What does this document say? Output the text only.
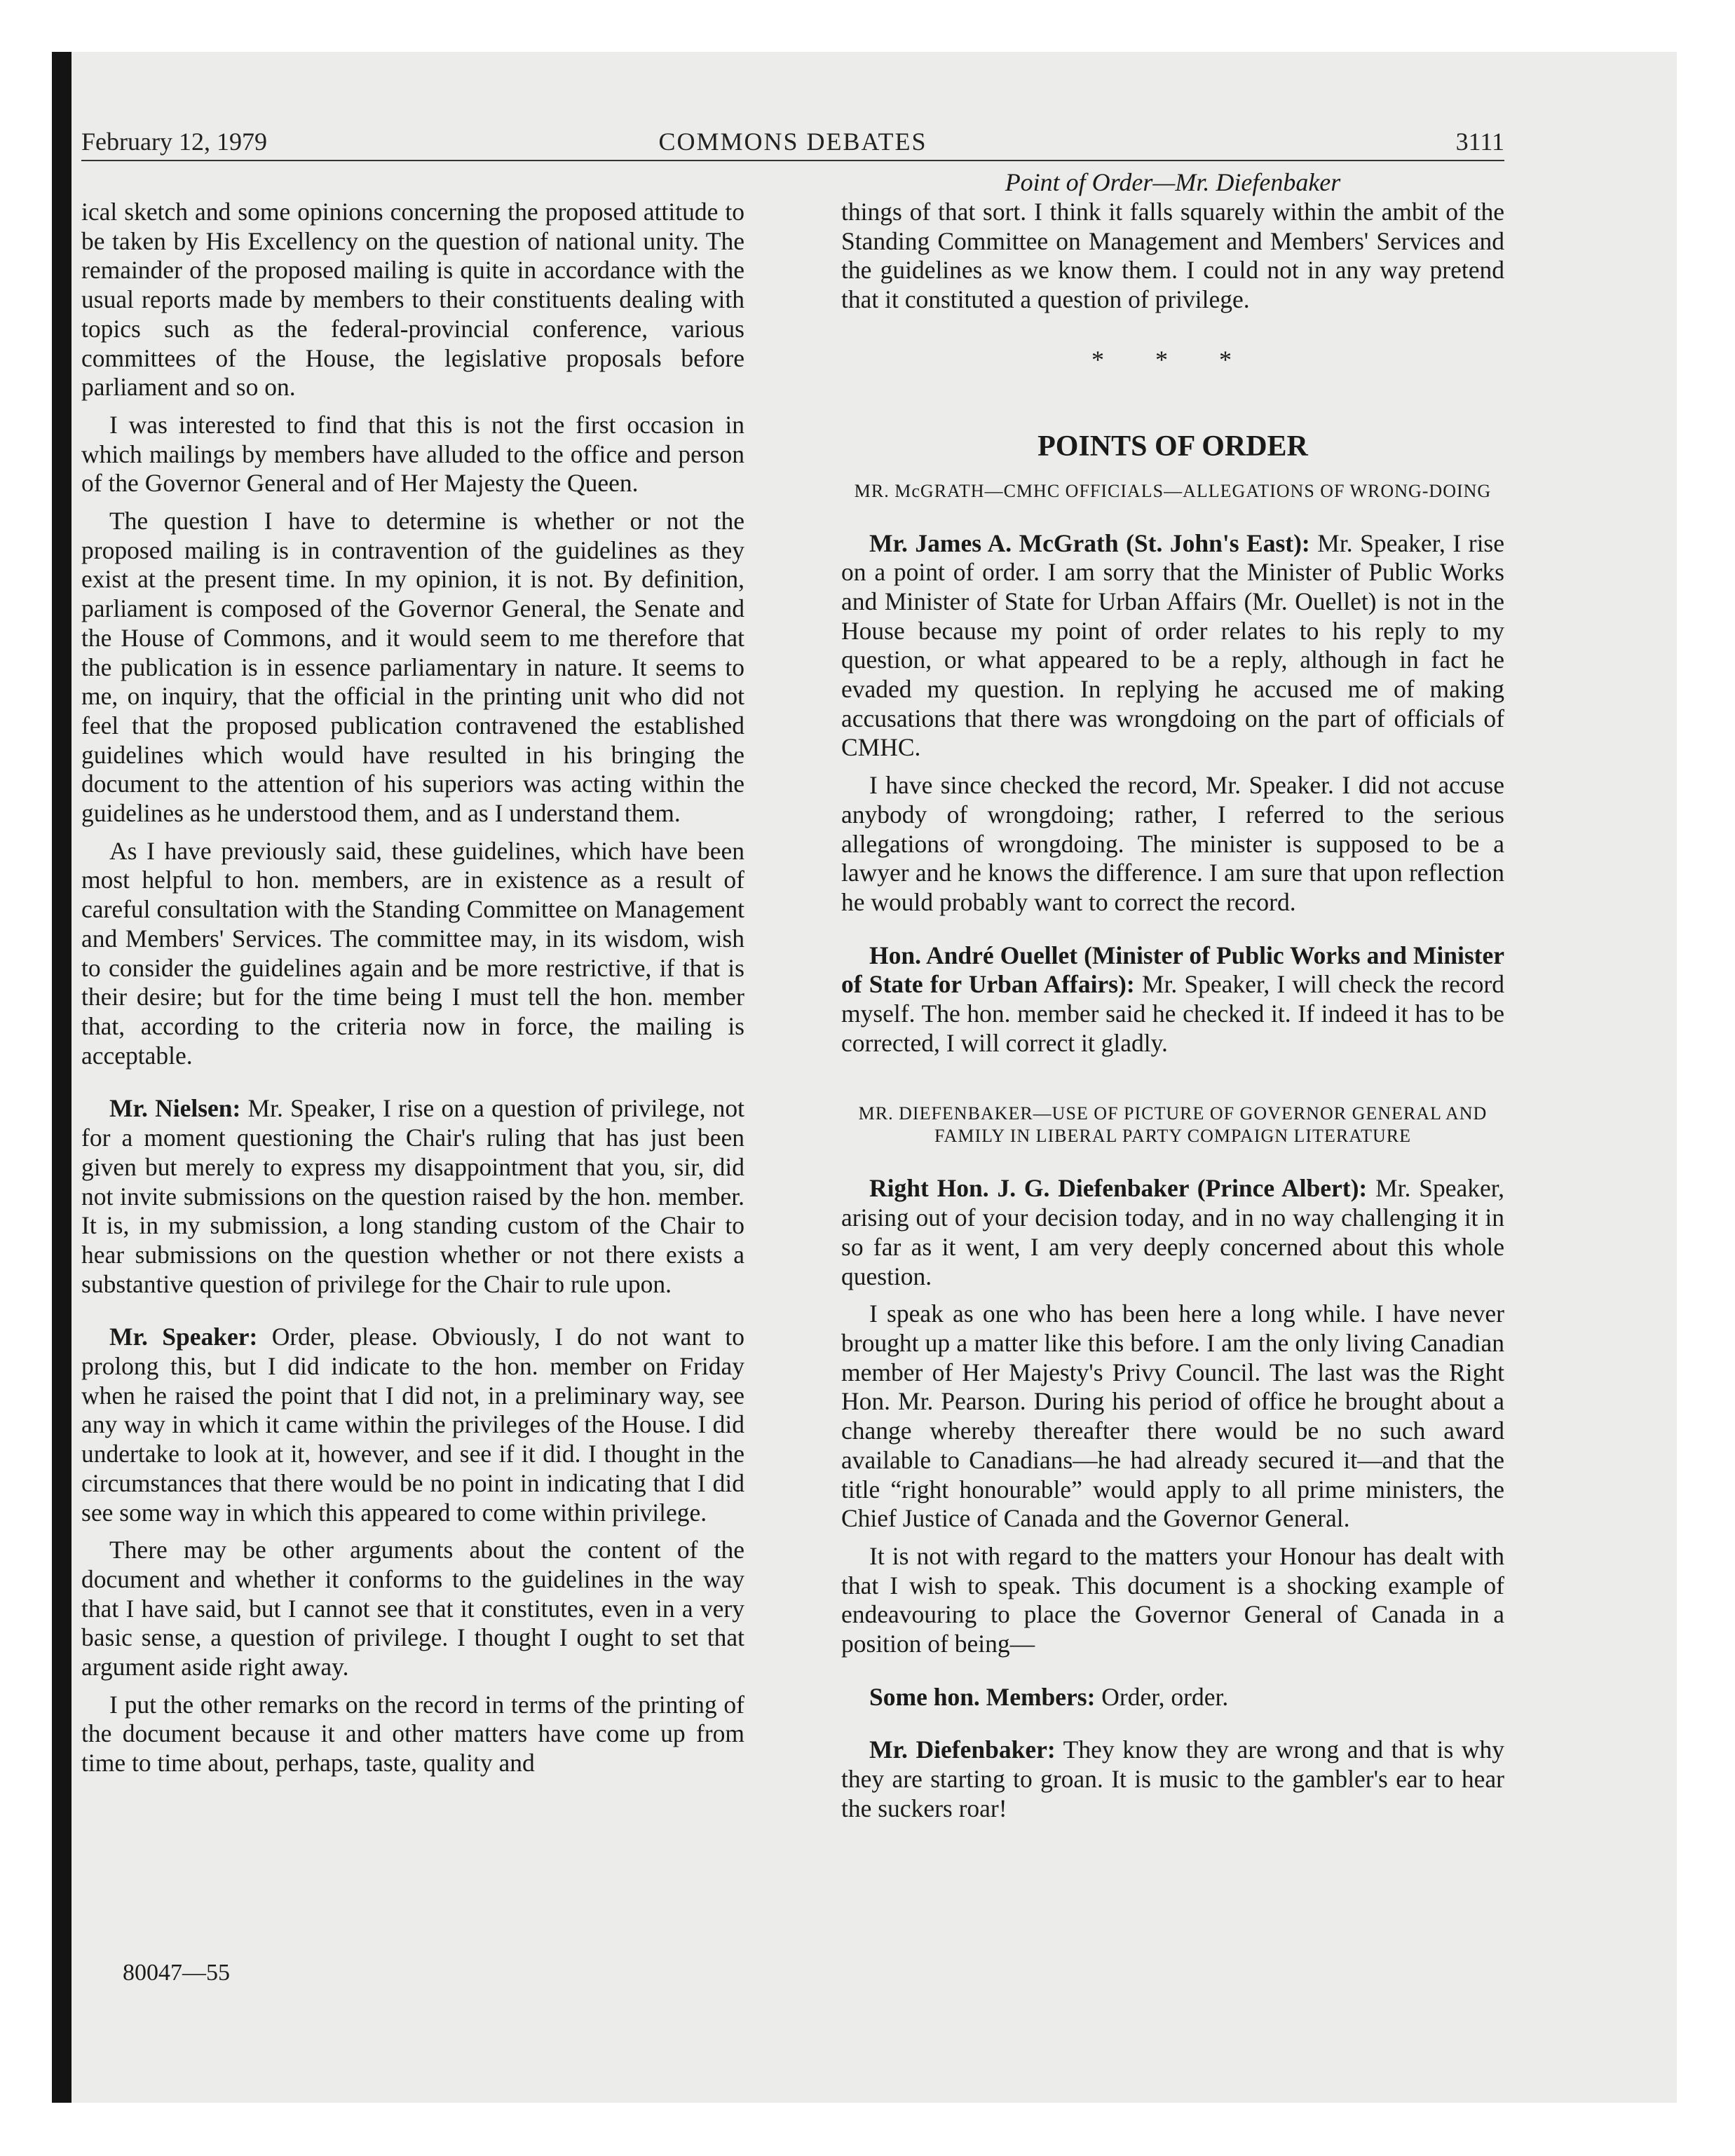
February 12, 1979	COMMONS DEBATES	3111
Point of Order—Mr. Diefenbaker

ical sketch and some opinions concerning the proposed attitude to be taken by His Excellency on the question of national unity. The remainder of the proposed mailing is quite in accordance with the usual reports made by members to their constituents dealing with topics such as the federal-provincial conference, various committees of the House, the legislative proposals before parliament and so on.

I was interested to find that this is not the first occasion in which mailings by members have alluded to the office and person of the Governor General and of Her Majesty the Queen.

The question I have to determine is whether or not the proposed mailing is in contravention of the guidelines as they exist at the present time. In my opinion, it is not. By definition, parliament is composed of the Governor General, the Senate and the House of Commons, and it would seem to me therefore that the publication is in essence parliamentary in nature. It seems to me, on inquiry, that the official in the printing unit who did not feel that the proposed publication contravened the established guidelines which would have resulted in his bringing the document to the attention of his superiors was acting within the guidelines as he understood them, and as I understand them.

As I have previously said, these guidelines, which have been most helpful to hon. members, are in existence as a result of careful consultation with the Standing Committee on Management and Members' Services. The committee may, in its wisdom, wish to consider the guidelines again and be more restrictive, if that is their desire; but for the time being I must tell the hon. member that, according to the criteria now in force, the mailing is acceptable.

Mr. Nielsen: Mr. Speaker, I rise on a question of privilege, not for a moment questioning the Chair's ruling that has just been given but merely to express my disappointment that you, sir, did not invite submissions on the question raised by the hon. member. It is, in my submission, a long standing custom of the Chair to hear submissions on the question whether or not there exists a substantive question of privilege for the Chair to rule upon.

Mr. Speaker: Order, please. Obviously, I do not want to prolong this, but I did indicate to the hon. member on Friday when he raised the point that I did not, in a preliminary way, see any way in which it came within the privileges of the House. I did undertake to look at it, however, and see if it did. I thought in the circumstances that there would be no point in indicating that I did see some way in which this appeared to come within privilege.

There may be other arguments about the content of the document and whether it conforms to the guidelines in the way that I have said, but I cannot see that it constitutes, even in a very basic sense, a question of privilege. I thought I ought to set that argument aside right away.

I put the other remarks on the record in terms of the printing of the document because it and other matters have come up from time to time about, perhaps, taste, quality and

things of that sort. I think it falls squarely within the ambit of the Standing Committee on Management and Members' Services and the guidelines as we know them. I could not in any way pretend that it constituted a question of privilege.

* * *
POINTS OF ORDER
MR. McGRATH—CMHC OFFICIALS—ALLEGATIONS OF WRONG-DOING

Mr. James A. McGrath (St. John's East): Mr. Speaker, I rise on a point of order. I am sorry that the Minister of Public Works and Minister of State for Urban Affairs (Mr. Ouellet) is not in the House because my point of order relates to his reply to my question, or what appeared to be a reply, although in fact he evaded my question. In replying he accused me of making accusations that there was wrongdoing on the part of officials of CMHC.

I have since checked the record, Mr. Speaker. I did not accuse anybody of wrongdoing; rather, I referred to the serious allegations of wrongdoing. The minister is supposed to be a lawyer and he knows the difference. I am sure that upon reflection he would probably want to correct the record.

Hon. André Ouellet (Minister of Public Works and Minister of State for Urban Affairs): Mr. Speaker, I will check the record myself. The hon. member said he checked it. If indeed it has to be corrected, I will correct it gladly.

MR. DIEFENBAKER—USE OF PICTURE OF GOVERNOR GENERAL AND FAMILY IN LIBERAL PARTY COMPAIGN LITERATURE

Right Hon. J. G. Diefenbaker (Prince Albert): Mr. Speaker, arising out of your decision today, and in no way challenging it in so far as it went, I am very deeply concerned about this whole question.

I speak as one who has been here a long while. I have never brought up a matter like this before. I am the only living Canadian member of Her Majesty's Privy Council. The last was the Right Hon. Mr. Pearson. During his period of office he brought about a change whereby thereafter there would be no such award available to Canadians—he had already secured it—and that the title “right honourable” would apply to all prime ministers, the Chief Justice of Canada and the Governor General.

It is not with regard to the matters your Honour has dealt with that I wish to speak. This document is a shocking example of endeavouring to place the Governor General of Canada in a position of being—

Some hon. Members: Order, order.

Mr. Diefenbaker: They know they are wrong and that is why they are starting to groan. It is music to the gambler's ear to hear the suckers roar!

80047—55
